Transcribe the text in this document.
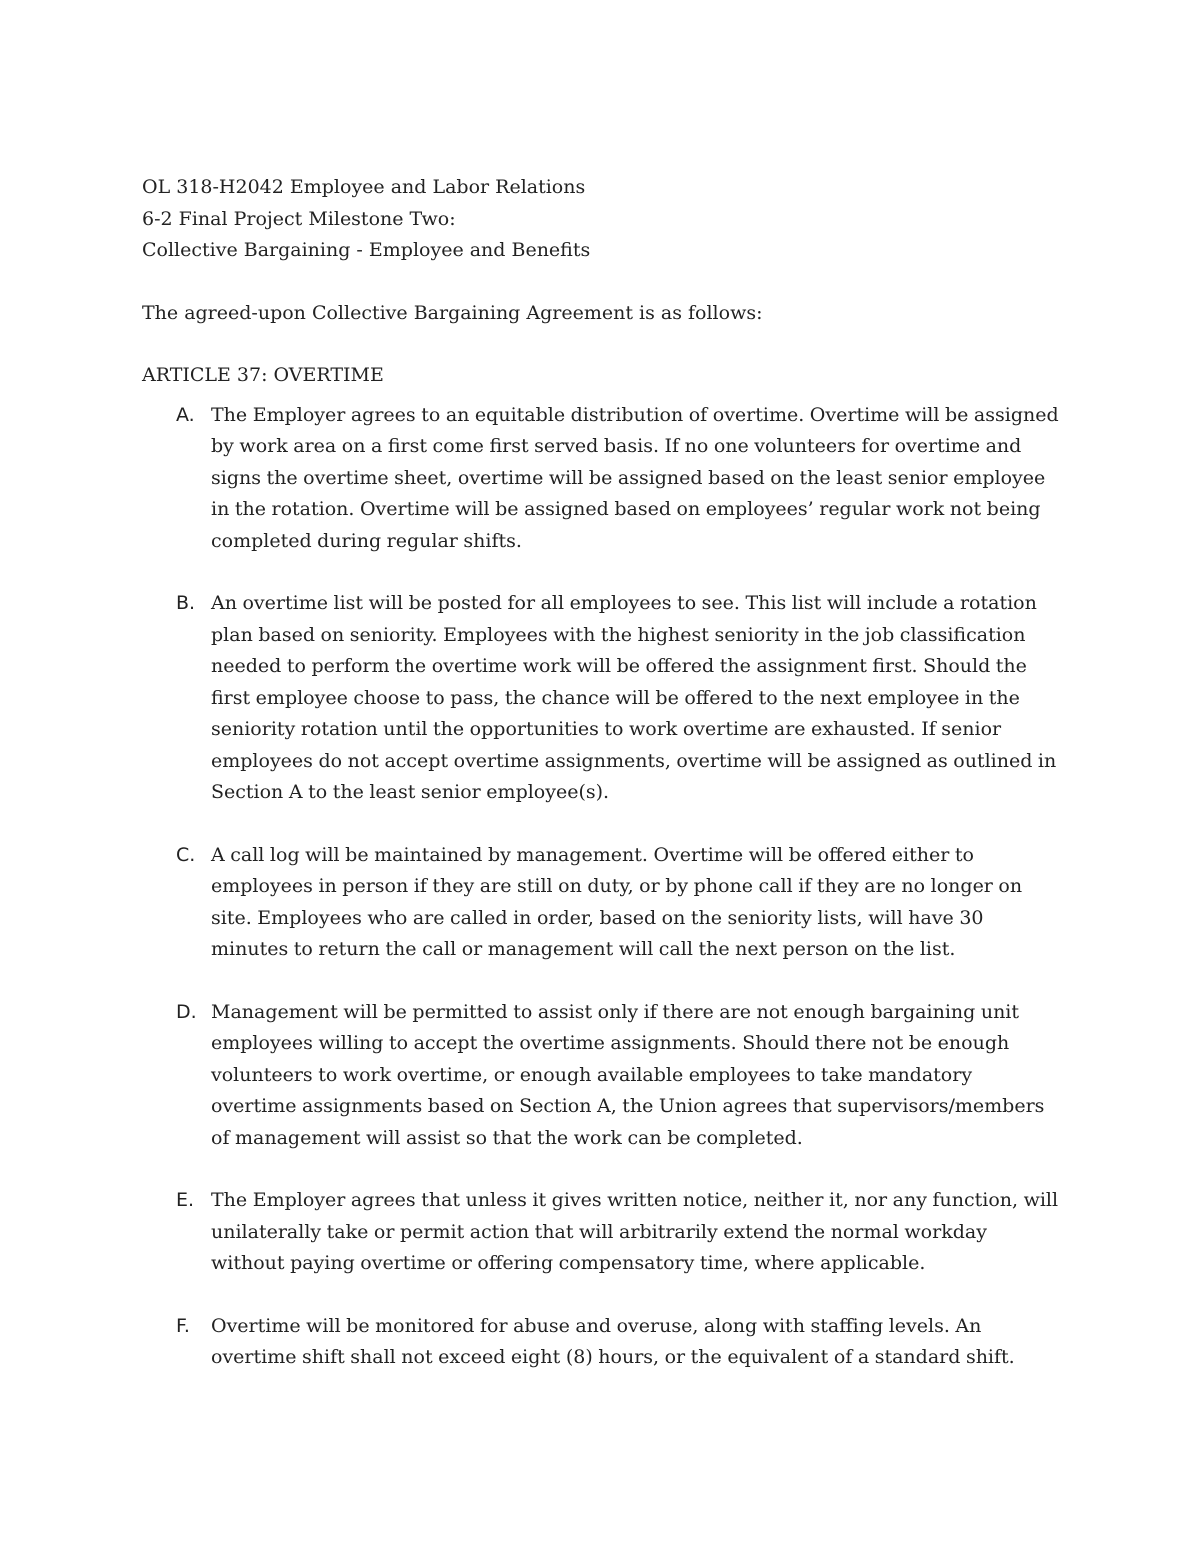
OL 318-H2042 Employee and Labor Relations
6-2 Final Project Milestone Two:
Collective Bargaining - Employee and Benefits
The agreed-upon Collective Bargaining Agreement is as follows:
ARTICLE 37: OVERTIME
A. The Employer agrees to an equitable distribution of overtime. Overtime will be assigned by work area on a first come first served basis. If no one volunteers for overtime and signs the overtime sheet, overtime will be assigned based on the least senior employee in the rotation. Overtime will be assigned based on employees’ regular work not being completed during regular shifts.
B. An overtime list will be posted for all employees to see. This list will include a rotation plan based on seniority. Employees with the highest seniority in the job classification needed to perform the overtime work will be offered the assignment first. Should the first employee choose to pass, the chance will be offered to the next employee in the seniority rotation until the opportunities to work overtime are exhausted. If senior employees do not accept overtime assignments, overtime will be assigned as outlined in Section A to the least senior employee(s).
C. A call log will be maintained by management. Overtime will be offered either to employees in person if they are still on duty, or by phone call if they are no longer on site. Employees who are called in order, based on the seniority lists, will have 30 minutes to return the call or management will call the next person on the list.
D. Management will be permitted to assist only if there are not enough bargaining unit employees willing to accept the overtime assignments. Should there not be enough volunteers to work overtime, or enough available employees to take mandatory overtime assignments based on Section A, the Union agrees that supervisors/members of management will assist so that the work can be completed.
E. The Employer agrees that unless it gives written notice, neither it, nor any function, will unilaterally take or permit action that will arbitrarily extend the normal workday without paying overtime or offering compensatory time, where applicable.
F. Overtime will be monitored for abuse and overuse, along with staffing levels. An overtime shift shall not exceed eight (8) hours, or the equivalent of a standard shift.
